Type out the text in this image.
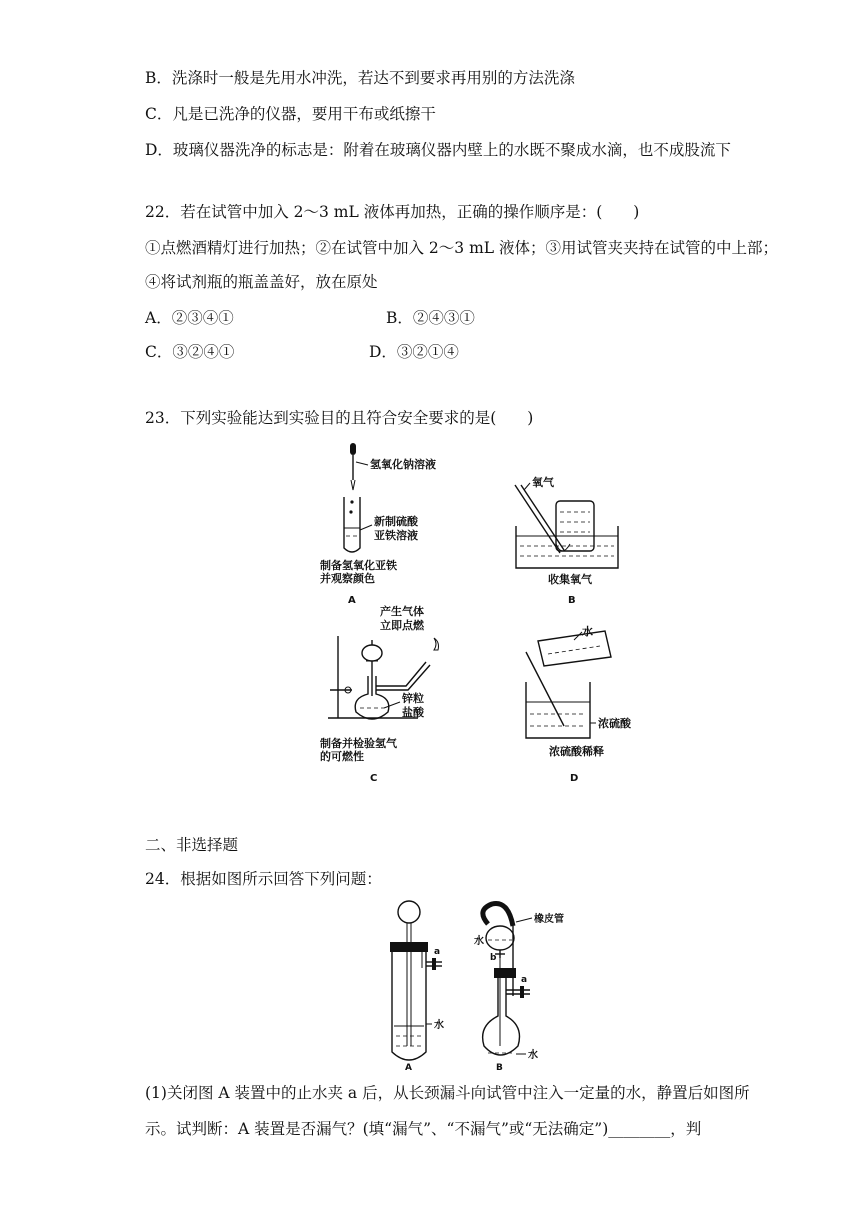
B．洗涤时一般是先用水冲洗，若达不到要求再用别的方法洗涤
C．凡是已洗净的仪器，要用干布或纸擦干
D．玻璃仪器洗净的标志是：附着在玻璃仪器内壁上的水既不聚成水滴，也不成股流下
22．若在试管中加入 2～3 mL 液体再加热，正确的操作顺序是：(　　)
①点燃酒精灯进行加热；②在试管中加入 2～3 mL 液体；③用试管夹夹持在试管的中上部；
④将试剂瓶的瓶盖盖好，放在原处
A．②③④①	B．②④③①
C．③②④①	D．③②①④
23．下列实验能达到实验目的且符合安全要求的是(　　)
氢氧化钠溶液
新制硫酸
亚铁溶液
制备氢氧化亚铁
并观察颜色
A
氧气
收集氧气
B
产生气体
立即点燃
锌粒
盐酸
制备并检验氢气
的可燃性
C
水
浓硫酸
浓硫酸稀释
D
二、非选择题
24．根据如图所示回答下列问题：
a
水
A
橡皮管
水
b
a
水
B
(1)关闭图 A 装置中的止水夹 a 后，从长颈漏斗向试管中注入一定量的水，静置后如图所
示。试判断：A 装置是否漏气？(填“漏气”、“不漏气”或“无法确定”)________，判
